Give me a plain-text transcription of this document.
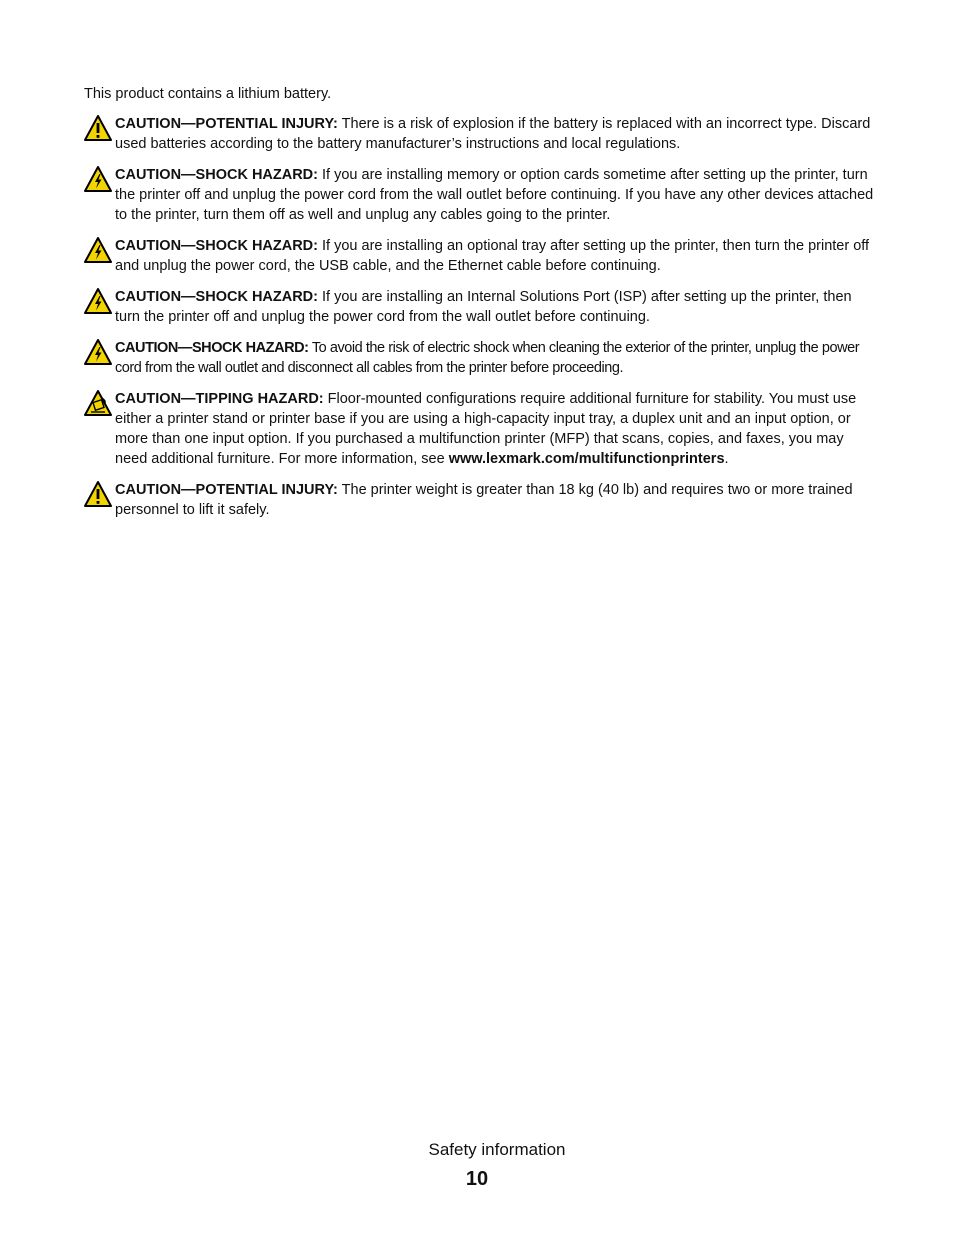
This product contains a lithium battery.

CAUTION—POTENTIAL INJURY: There is a risk of explosion if the battery is replaced with an incorrect type. Discard used batteries according to the battery manufacturer’s instructions and local regulations.
CAUTION—SHOCK HAZARD: If you are installing memory or option cards sometime after setting up the printer, turn the printer off and unplug the power cord from the wall outlet before continuing. If you have any other devices attached to the printer, turn them off as well and unplug any cables going to the printer.
CAUTION—SHOCK HAZARD: If you are installing an optional tray after setting up the printer, then turn the printer off and unplug the power cord, the USB cable, and the Ethernet cable before continuing.
CAUTION—SHOCK HAZARD: If you are installing an Internal Solutions Port (ISP) after setting up the printer, then turn the printer off and unplug the power cord from the wall outlet before continuing.
CAUTION—SHOCK HAZARD: To avoid the risk of electric shock when cleaning the exterior of the printer, unplug the power cord from the wall outlet and disconnect all cables from the printer before proceeding.
CAUTION—TIPPING HAZARD: Floor-mounted configurations require additional furniture for stability. You must use either a printer stand or printer base if you are using a high-capacity input tray, a duplex unit and an input option, or more than one input option. If you purchased a multifunction printer (MFP) that scans, copies, and faxes, you may need additional furniture. For more information, see www.lexmark.com/multifunctionprinters.
CAUTION—POTENTIAL INJURY: The printer weight is greater than 18 kg (40 lb) and requires two or more trained personnel to lift it safely.
Safety information
10
